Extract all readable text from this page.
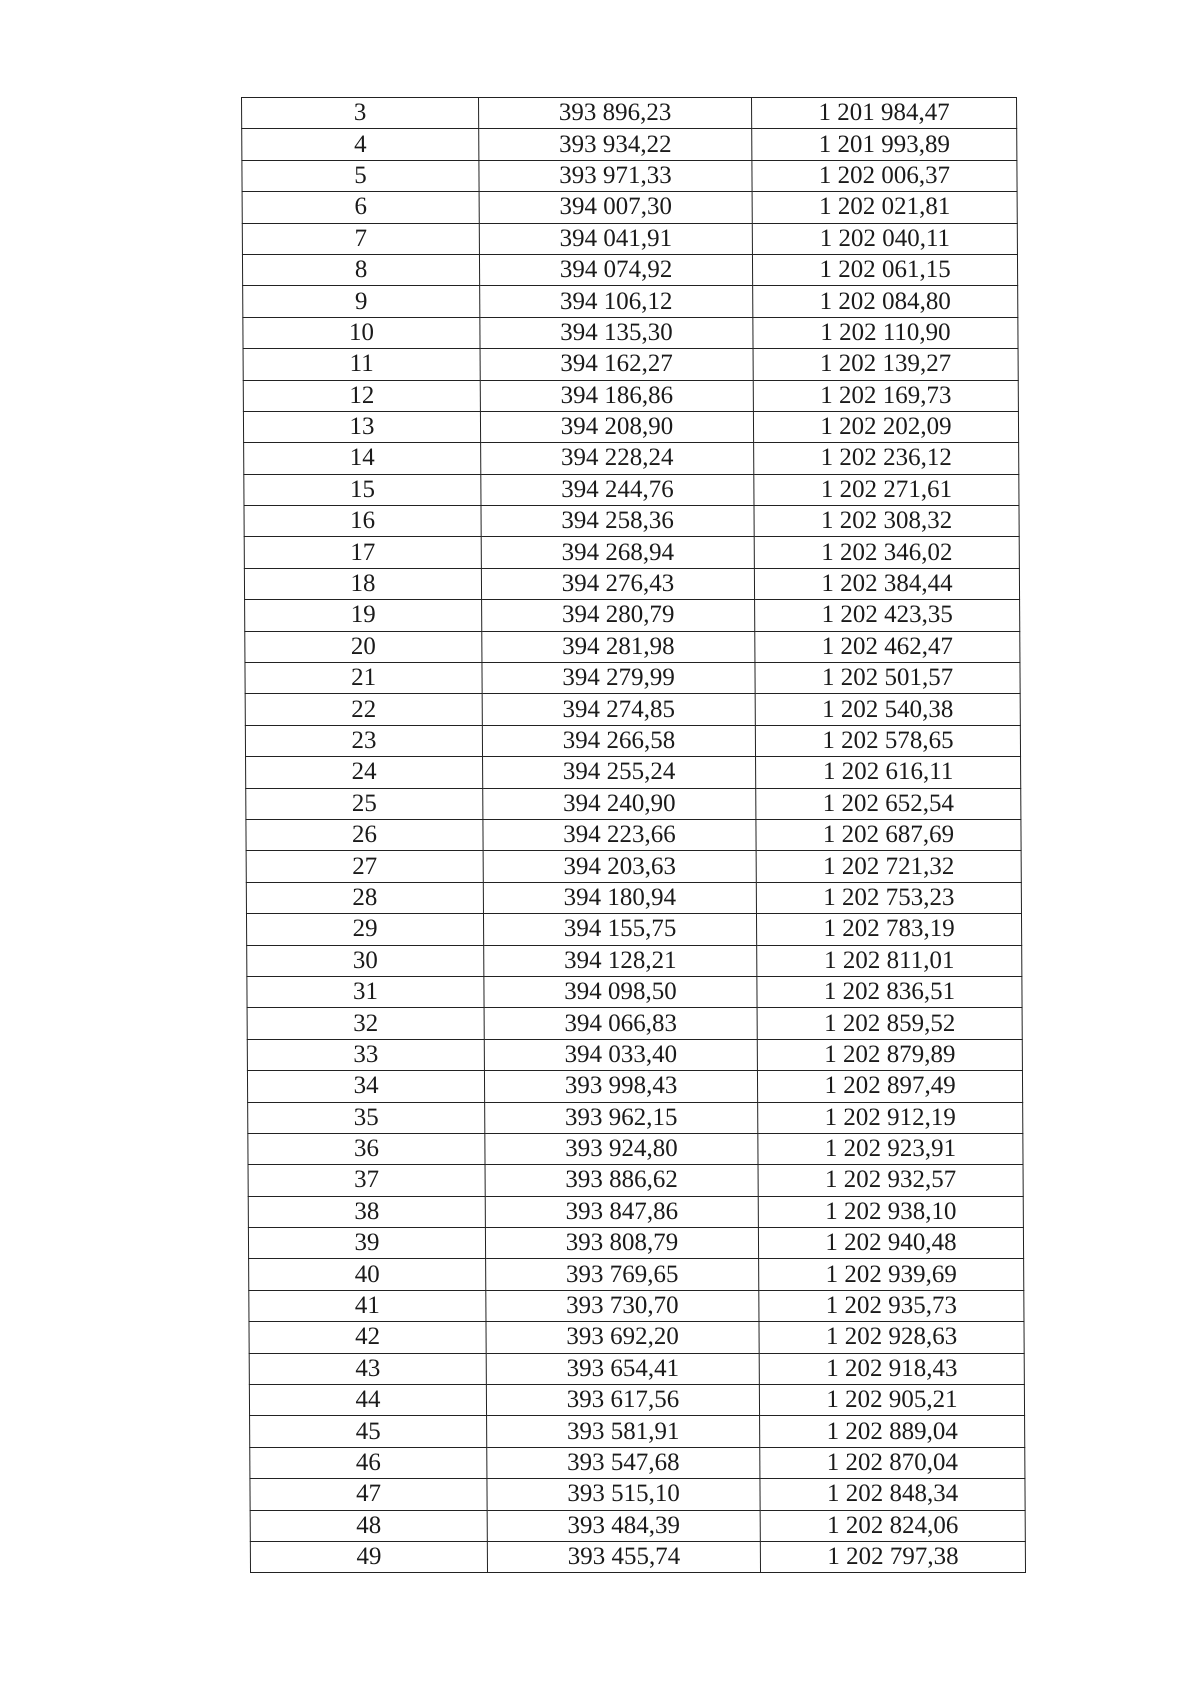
3	393 896,23	1 201 984,47
4	393 934,22	1 201 993,89
5	393 971,33	1 202 006,37
6	394 007,30	1 202 021,81
7	394 041,91	1 202 040,11
8	394 074,92	1 202 061,15
9	394 106,12	1 202 084,80
10	394 135,30	1 202 110,90
11	394 162,27	1 202 139,27
12	394 186,86	1 202 169,73
13	394 208,90	1 202 202,09
14	394 228,24	1 202 236,12
15	394 244,76	1 202 271,61
16	394 258,36	1 202 308,32
17	394 268,94	1 202 346,02
18	394 276,43	1 202 384,44
19	394 280,79	1 202 423,35
20	394 281,98	1 202 462,47
21	394 279,99	1 202 501,57
22	394 274,85	1 202 540,38
23	394 266,58	1 202 578,65
24	394 255,24	1 202 616,11
25	394 240,90	1 202 652,54
26	394 223,66	1 202 687,69
27	394 203,63	1 202 721,32
28	394 180,94	1 202 753,23
29	394 155,75	1 202 783,19
30	394 128,21	1 202 811,01
31	394 098,50	1 202 836,51
32	394 066,83	1 202 859,52
33	394 033,40	1 202 879,89
34	393 998,43	1 202 897,49
35	393 962,15	1 202 912,19
36	393 924,80	1 202 923,91
37	393 886,62	1 202 932,57
38	393 847,86	1 202 938,10
39	393 808,79	1 202 940,48
40	393 769,65	1 202 939,69
41	393 730,70	1 202 935,73
42	393 692,20	1 202 928,63
43	393 654,41	1 202 918,43
44	393 617,56	1 202 905,21
45	393 581,91	1 202 889,04
46	393 547,68	1 202 870,04
47	393 515,10	1 202 848,34
48	393 484,39	1 202 824,06
49	393 455,74	1 202 797,38
